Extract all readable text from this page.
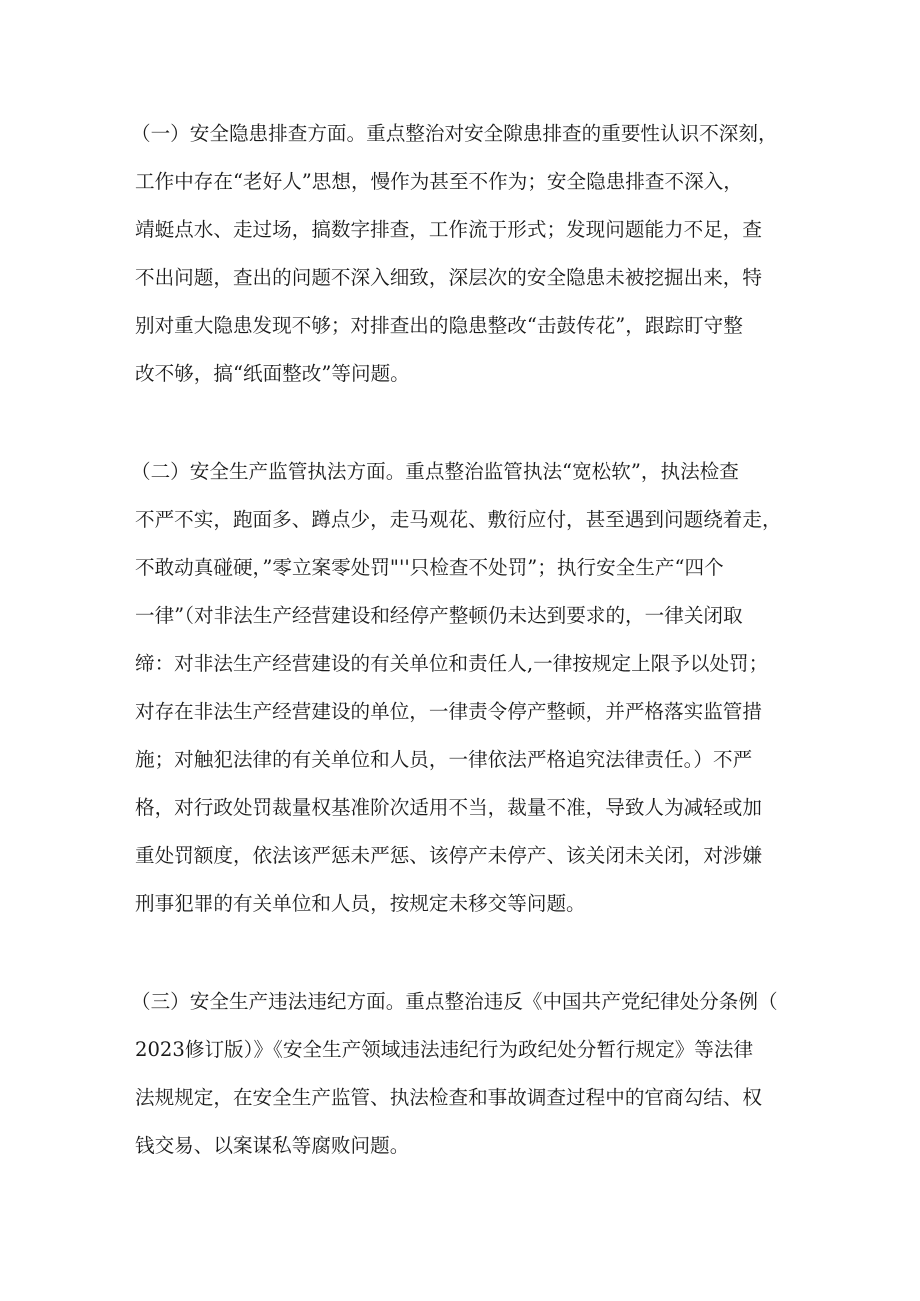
（一）安全隐患排查方面。重点整治对安全隙患排查的重要性认识不深刻，
工作中存在“老好人”思想，慢作为甚至不作为；安全隐患排查不深入，
靖蜓点水、走过场，搞数字排查，工作流于形式；发现问题能力不足，查
不出问题，查出的问题不深入细致，深层次的安全隐患未被挖掘出来，特
别对重大隐患发现不够；对排查出的隐患整改“击鼓传花”，跟踪盯守整
改不够，搞“纸面整改”等问题。
（二）安全生产监管执法方面。重点整治监管执法“宽松软”，执法检查
不严不实，跑面多、蹲点少，走马观花、敷衍应付，甚至遇到问题绕着走，
不敢动真碰硬，”零立案零处罚"''只检查不处罚”；执行安全生产“四个
一律”（对非法生产经营建设和经停产整顿仍未达到要求的，一律关闭取
缔：对非法生产经营建设的有关单位和责任人,一律按规定上限予以处罚；
对存在非法生产经营建设的单位，一律责令停产整顿，并严格落实监管措
施；对触犯法律的有关单位和人员，一律依法严格追究法律责任。）不严
格，对行政处罚裁量权基准阶次适用不当，裁量不准，导致人为减轻或加
重处罚额度，依法该严惩未严惩、该停产未停产、该关闭未关闭，对涉嫌
刑事犯罪的有关单位和人员，按规定未移交等问题。
（三）安全生产违法违纪方面。重点整治违反《中国共产党纪律处分条例（
2023修订版）》《安全生产领域违法违纪行为政纪处分暂行规定》等法律
法规规定，在安全生产监管、执法检查和事故调查过程中的官商勾结、权
钱交易、以案谋私等腐败问题。
